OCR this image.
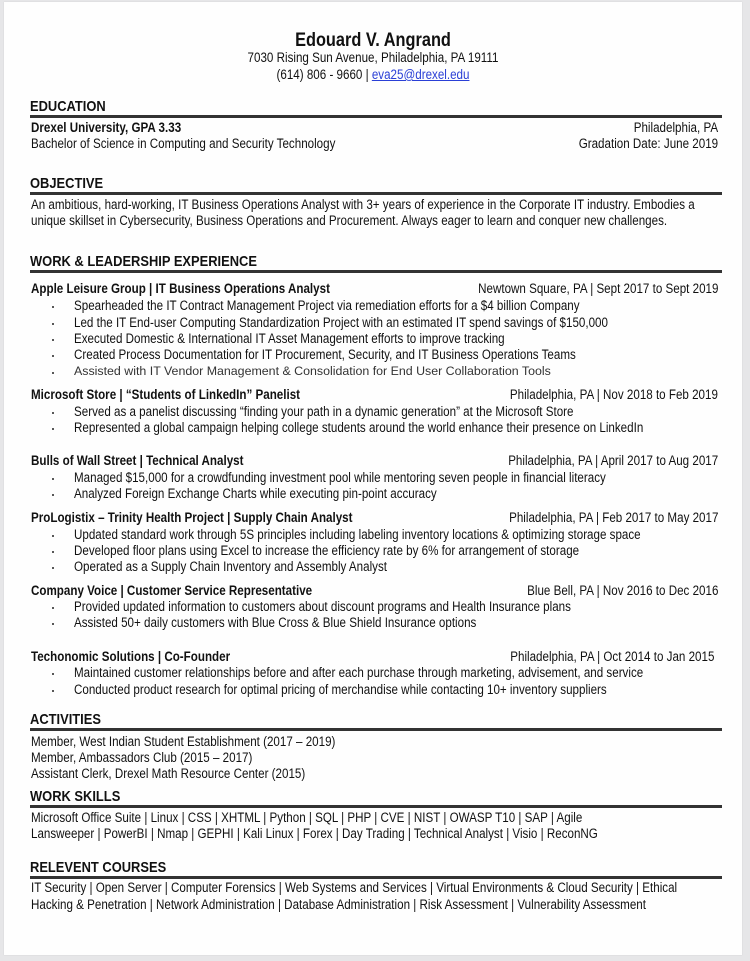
Edouard V. Angrand
7030 Rising Sun Avenue, Philadelphia, PA 19111
(614) 806 - 9660 | eva25@drexel.edu
EDUCATION
Drexel University, GPA 3.33	Philadelphia, PA
Bachelor of Science in Computing and Security Technology	Gradation Date: June 2019
OBJECTIVE
An ambitious, hard-working, IT Business Operations Analyst with 3+ years of experience in the Corporate IT industry. Embodies a
unique skillset in Cybersecurity, Business Operations and Procurement. Always eager to learn and conquer new challenges.
WORK & LEADERSHIP EXPERIENCE
Apple Leisure Group | IT Business Operations Analyst	Newtown Square, PA | Sept 2017 to Sept 2019
Spearheaded the IT Contract Management Project via remediation efforts for a $4 billion Company
Led the IT End-user Computing Standardization Project with an estimated IT spend savings of $150,000
Executed Domestic & International IT Asset Management efforts to improve tracking
Created Process Documentation for IT Procurement, Security, and IT Business Operations Teams
Assisted with IT Vendor Management & Consolidation for End User Collaboration Tools
Microsoft Store | “Students of LinkedIn” Panelist	Philadelphia, PA | Nov 2018 to Feb 2019
Served as a panelist discussing “finding your path in a dynamic generation” at the Microsoft Store
Represented a global campaign helping college students around the world enhance their presence on LinkedIn
Bulls of Wall Street | Technical Analyst	Philadelphia, PA | April 2017 to Aug 2017
Managed $15,000 for a crowdfunding investment pool while mentoring seven people in financial literacy
Analyzed Foreign Exchange Charts while executing pin-point accuracy
ProLogistix – Trinity Health Project | Supply Chain Analyst	Philadelphia, PA | Feb 2017 to May 2017
Updated standard work through 5S principles including labeling inventory locations & optimizing storage space
Developed floor plans using Excel to increase the efficiency rate by 6% for arrangement of storage
Operated as a Supply Chain Inventory and Assembly Analyst
Company Voice | Customer Service Representative	Blue Bell, PA | Nov 2016 to Dec 2016
Provided updated information to customers about discount programs and Health Insurance plans
Assisted 50+ daily customers with Blue Cross & Blue Shield Insurance options
Techonomic Solutions | Co-Founder	Philadelphia, PA | Oct 2014 to Jan 2015
Maintained customer relationships before and after each purchase through marketing, advisement, and service
Conducted product research for optimal pricing of merchandise while contacting 10+ inventory suppliers
ACTIVITIES
Member, West Indian Student Establishment (2017 – 2019)
Member, Ambassadors Club (2015 – 2017)
Assistant Clerk, Drexel Math Resource Center (2015)
WORK SKILLS
Microsoft Office Suite | Linux | CSS | XHTML | Python | SQL | PHP | CVE | NIST | OWASP T10 | SAP | Agile
Lansweeper | PowerBI | Nmap | GEPHI | Kali Linux | Forex | Day Trading | Technical Analyst | Visio | ReconNG
RELEVENT COURSES
IT Security | Open Server | Computer Forensics | Web Systems and Services | Virtual Environments & Cloud Security | Ethical
Hacking & Penetration | Network Administration | Database Administration | Risk Assessment | Vulnerability Assessment
